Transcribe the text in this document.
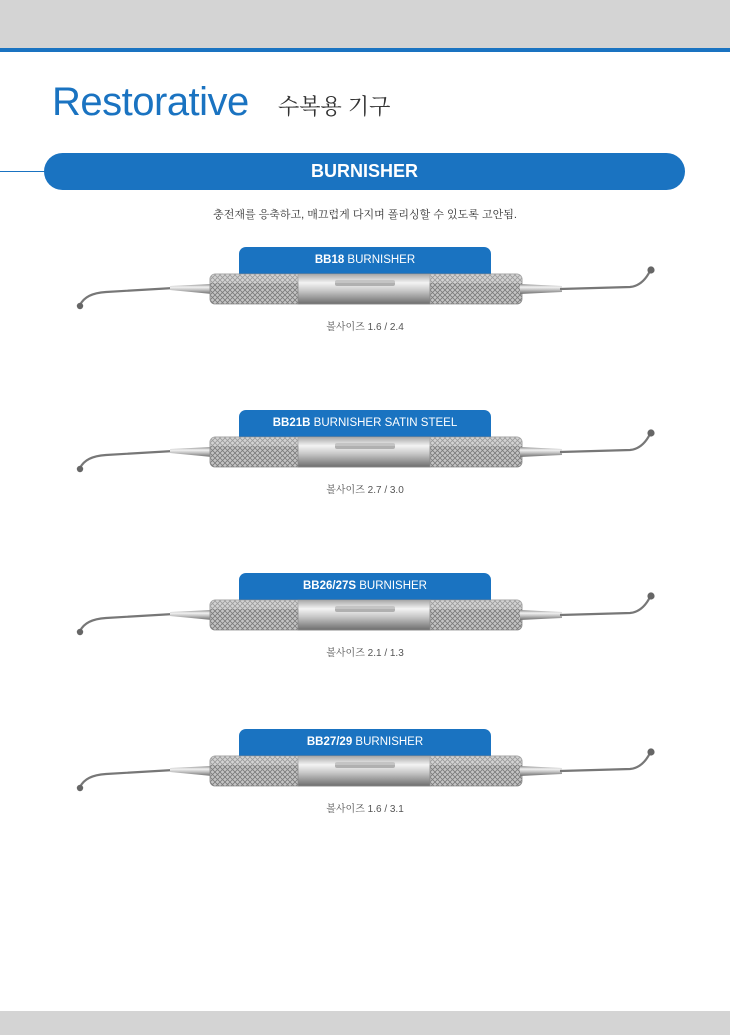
Restorative 수복용 기구
BURNISHER
충전재를 응축하고, 매끄럽게 다지며 폴리싱할 수 있도록 고안됨.
BB18 BURNISHER
볼사이즈 1.6 / 2.4
BB21B BURNISHER SATIN STEEL
볼사이즈 2.7 / 3.0
BB26/27S BURNISHER
볼사이즈 2.1 / 1.3
BB27/29 BURNISHER
볼사이즈 1.6 / 3.1
